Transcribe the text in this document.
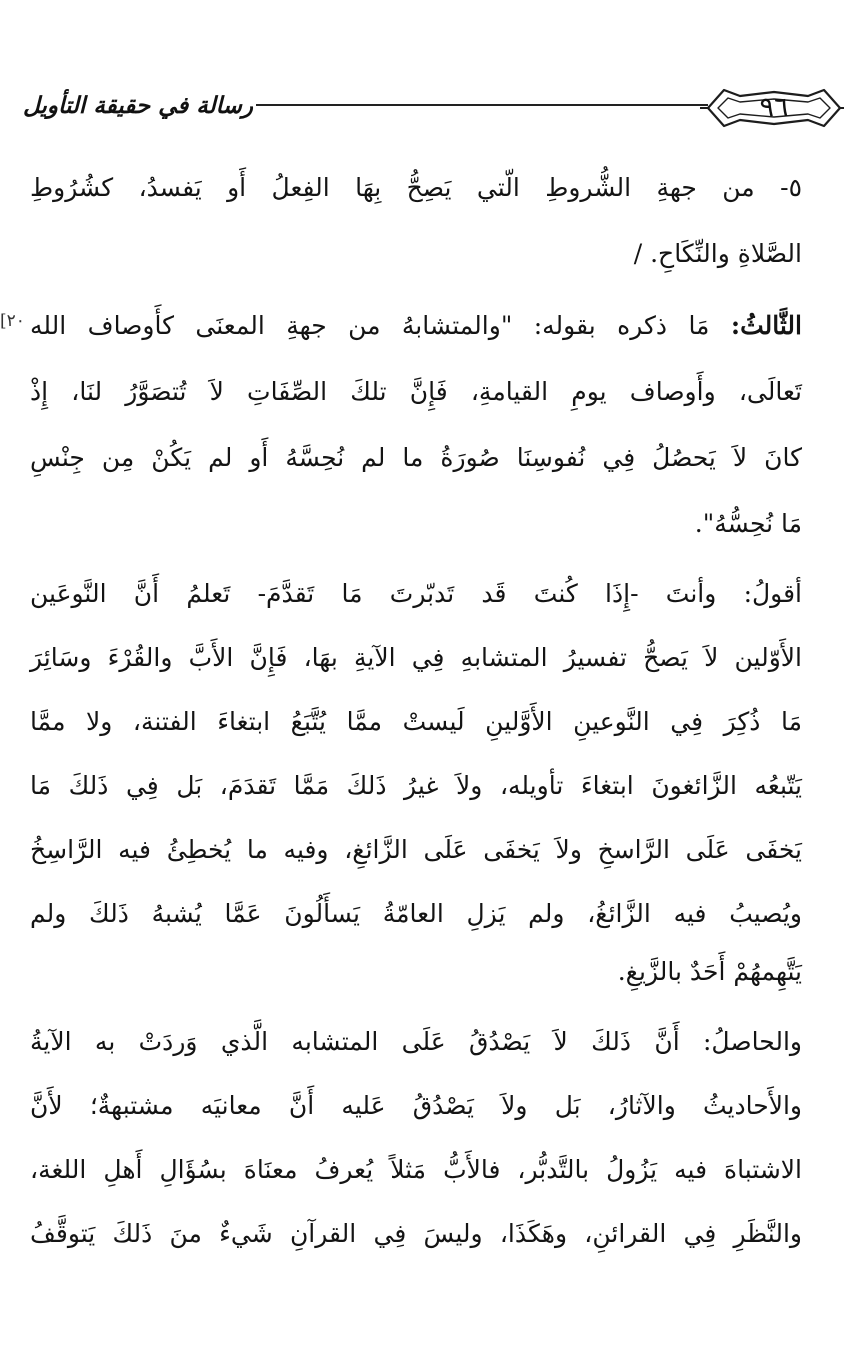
رسالة في حقيقة التأويل	٩٦
[٢٠
٥- من جهةِ الشُّروطِ الّتي يَصِحُّ بِهَا الفِعلُ أَو يَفسدُ، كشُرُوطِ
الصَّلاةِ والنِّكَاحِ. /
الثَّالثُ: مَا ذكره بقوله: "والمتشابهُ من جهةِ المعنَى كأَوصاف الله
تَعالَى، وأَوصاف يومِ القيامةِ، فَإِنَّ تلكَ الصِّفَاتِ لاَ تُتصَوَّرُ لنَا، إِذْ
كانَ لاَ يَحصُلُ فِي نُفوسِنَا صُورَةُ ما لم نُحِسَّهُ أَو لم يَكُنْ مِن جِنْسِ
مَا نُحِسُّهُ".
أقولُ: وأنتَ -إِذَا كُنتَ قَد تَدبّرتَ مَا تَقدَّمَ- تَعلمُ أَنَّ النَّوعَين
الأَوّلين لاَ يَصحُّ تفسيرُ المتشابهِ فِي الآيةِ بهَا، فَإِنَّ الأَبَّ والقُرْءَ وسَائِرَ
مَا ذُكِرَ فِي النَّوعينِ الأَوَّلينِ لَيستْ ممَّا يُتَّبَعُ ابتغاءَ الفتنة، ولا ممَّا
يَتّبعُه الزَّائغونَ ابتغاءَ تأويله، ولاَ غيرُ ذَلكَ مَمَّا تَقدَمَ، بَل فِي ذَلكَ مَا
يَخفَى عَلَى الرَّاسخِ ولاَ يَخفَى عَلَى الزَّائغِ، وفيه ما يُخطِئُ فيه الرَّاسِخُ
ويُصيبُ فيه الزَّائغُ، ولم يَزلِ العامّةُ يَسأَلُونَ عَمَّا يُشبهُ ذَلكَ ولم
يَتَّهِمهُمْ أَحَدٌ بالزَّيغِ.
والحاصلُ: أَنَّ ذَلكَ لاَ يَصْدُقُ عَلَى المتشابه الَّذي وَردَتْ به الآيةُ
والأَحاديثُ والآثارُ، بَل ولاَ يَصْدُقُ عَليه أَنَّ معانيَه مشتبهةٌ؛ لأَنَّ
الاشتباهَ فيه يَزُولُ بالتَّدبُّر، فالأَبُّ مَثلاً يُعرفُ معنَاهَ بسُؤَالِ أَهلِ اللغة،
والنَّظَرِ فِي القرائنِ، وهَكَذَا، وليسَ فِي القرآنِ شَيءٌ منَ ذَلكَ يَتوقَّفُ
